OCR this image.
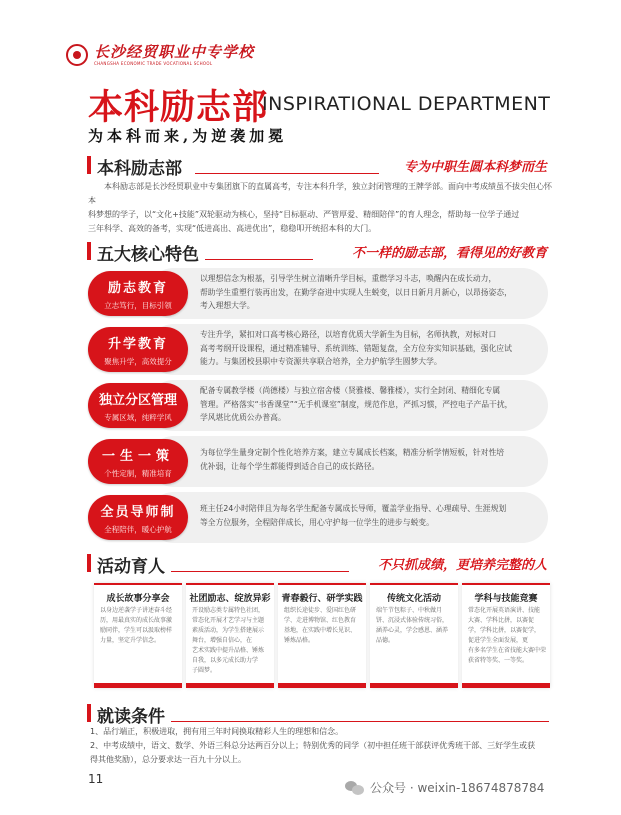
长沙经贸职业中专学校
CHANGSHA ECONOMIC TRADE VOCATIONAL SCHOOL
本科励志部
INSPIRATIONAL DEPARTMENT
为本科而来,为逆袭加冕
本科励志部	专为中职生圆本科梦而生
本科励志部是长沙经贸职业中专集团旗下的直属高考，专注本科升学，独立封闭管理的王牌学部。面向中考成绩虽不拔尖但心怀本
科梦想的学子，以“文化+技能”双轮驱动为核心，坚持“目标驱动、严管厚爱、精细陪伴”的育人理念，帮助每一位学子通过
三年科学、高效的备考，实现“低进高出、高进优出”，稳稳叩开统招本科的大门。
五大核心特色	不一样的励志部，看得见的好教育
励志教育
立志笃行，目标引领
以理想信念为根基，引导学生树立清晰升学目标，重燃学习斗志，唤醒内在成长动力，
帮助学生重塑行装再出发，在勤学奋进中实现人生蜕变，以日日新月月新心，以昂扬姿态，
考入理想大学。
升学教育
聚焦升学，高效提分
专注升学，紧扣对口高考核心路径，以培育优质大学新生为目标，名师执教，对标对口
高考考纲开设课程，通过精准辅导、系统训练、错题复盘，全方位夯实知识基础，强化应试
能力。与集团校县职中专资源共享联合培养，全力护航学生圆梦大学。
独立分区管理
专属区域，纯粹学风
配备专属教学楼（尚德楼）与独立宿舍楼（贤雅楼、馨雅楼），实行全封闭、精细化专属
管理。严格落实“书香课堂”“无手机课室”制度，规范作息，严抓习惯，严控电子产品干扰，
学风堪比优质公办普高。
一生一策
个性定制，精准培育
为每位学生量身定制个性化培养方案，建立专属成长档案，精准分析学情短板，针对性培
优补弱，让每个学生都能得到适合自己的成长路径。
全员导师制
全程陪伴，暖心护航
班主任24小时陪伴且为每名学生配备专属成长导师，覆盖学业指导、心理疏导、生涯规划
等全方位服务，全程陪伴成长，用心守护每一位学生的进步与蜕变。
活动育人	不只抓成绩，更培养完整的人
成长故事分享会
以身边逆袭学子讲述奋斗经
历，用最真实的成长故事激
励同伴，学生可以汲取榜样
力量，坚定升学信念。
社团励志、绽放异彩
开设励志类专属特色社团，
常态化开展才艺学习与主题
素质活动，为学生搭建展示
舞台，增强自信心，在
艺术实践中提升品格、锤炼
自我，以多元成长助力学
子圆梦。
青春毅行、研学实践
组织长途徒步、爱国红色研
学、走进博物馆、红色教育
基地，在实践中增长见识、
锤炼品格。
传统文化活动
端午节包粽子、中秋做月
饼、沉浸式体验传统习俗，
涵养心灵，学会感恩、涵养
品德。
学科与技能竞赛
常态化开展英语演讲、技能
大赛、学科比拼，以赛促
学，学科比拼，以赛促学，
促进学生全面发展，更
有多名学生在省技能大赛中荣
获省特等奖、一等奖。
就读条件
1、品行端正，积极进取，拥有用三年时间换取精彩人生的理想和信念。
2、中考成绩中，语文、数学、外语三科总分达两百分以上；特别优秀的同学（初中担任班干部获评优秀班干部、三好学生或获
得其他奖励），总分要求达一百九十分以上。
11
公众号 · weixin-18674878784
